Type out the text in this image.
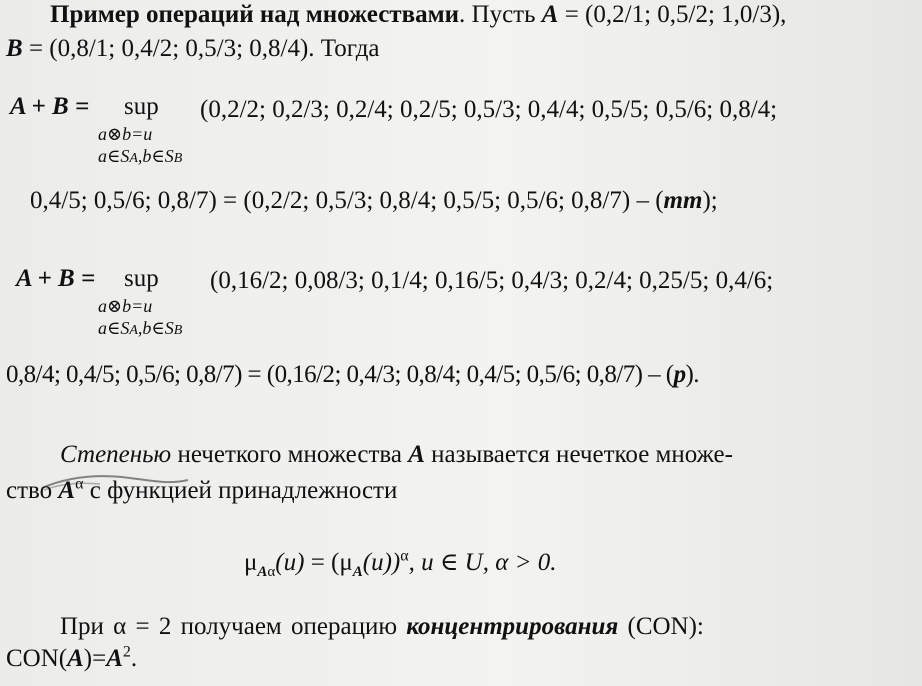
Пример операций над множествами. Пусть A = (0,2/1; 0,5/2; 1,0/3),
B = (0,8/1; 0,4/2; 0,5/3; 0,8/4). Тогда
A + B = sup
a⊗b=u
a∈SA,b∈SB
(0,2/2; 0,2/3; 0,2/4; 0,2/5; 0,5/3; 0,4/4; 0,5/5; 0,5/6; 0,8/4;
0,4/5; 0,5/6; 0,8/7) = (0,2/2; 0,5/3; 0,8/4; 0,5/5; 0,5/6; 0,8/7) – (mm);
A + B = sup
a⊗b=u
a∈SA,b∈SB
(0,16/2; 0,08/3; 0,1/4; 0,16/5; 0,4/3; 0,2/4; 0,25/5; 0,4/6;
0,8/4; 0,4/5; 0,5/6; 0,8/7) = (0,16/2; 0,4/3; 0,8/4; 0,4/5; 0,5/6; 0,8/7) – (p).
Степенью нечеткого множества A называется нечеткое множе-
ство $A^\alpha$ с функцией принадлежности
$\mu_{A\alpha}(u) = (\mu_A(u))^\alpha$, u ∈ U, α > 0.
При α = 2 получаем операцию концентрирования (CON):
$CON(A)=A^2$.
